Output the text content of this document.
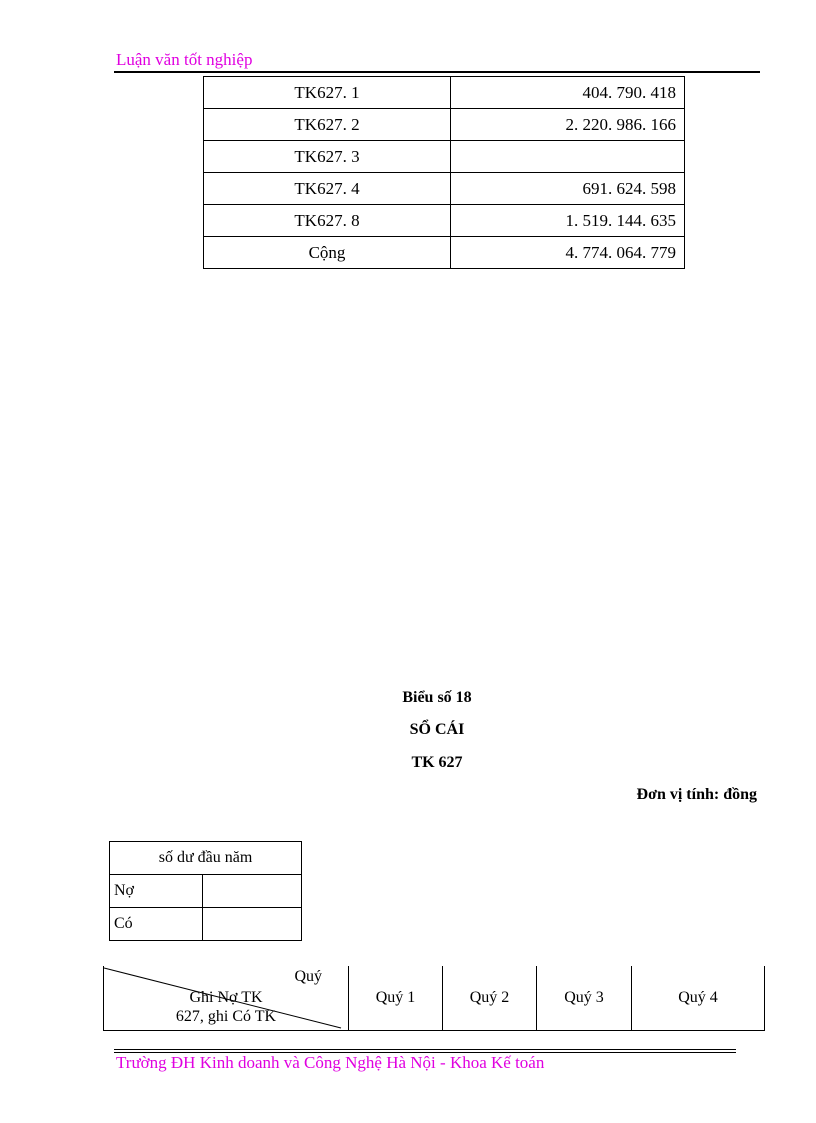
Luận văn tốt nghiệp
TK627. 1	404. 790. 418
TK627. 2	2. 220. 986. 166
TK627. 3	
TK627. 4	691. 624. 598
TK627. 8	1. 519. 144. 635
Cộng	4. 774. 064. 779
Biểu số 18
SỔ CÁI
TK 627
Đơn vị tính: đồng
số dư đầu năm	
Nợ	
Có	
Quý
Ghi Nợ TK
627, ghi Có TK
	Quý 1	Quý 2	Quý 3	Quý 4
Trường ĐH Kinh doanh và Công Nghệ Hà Nội - Khoa Kế toán
